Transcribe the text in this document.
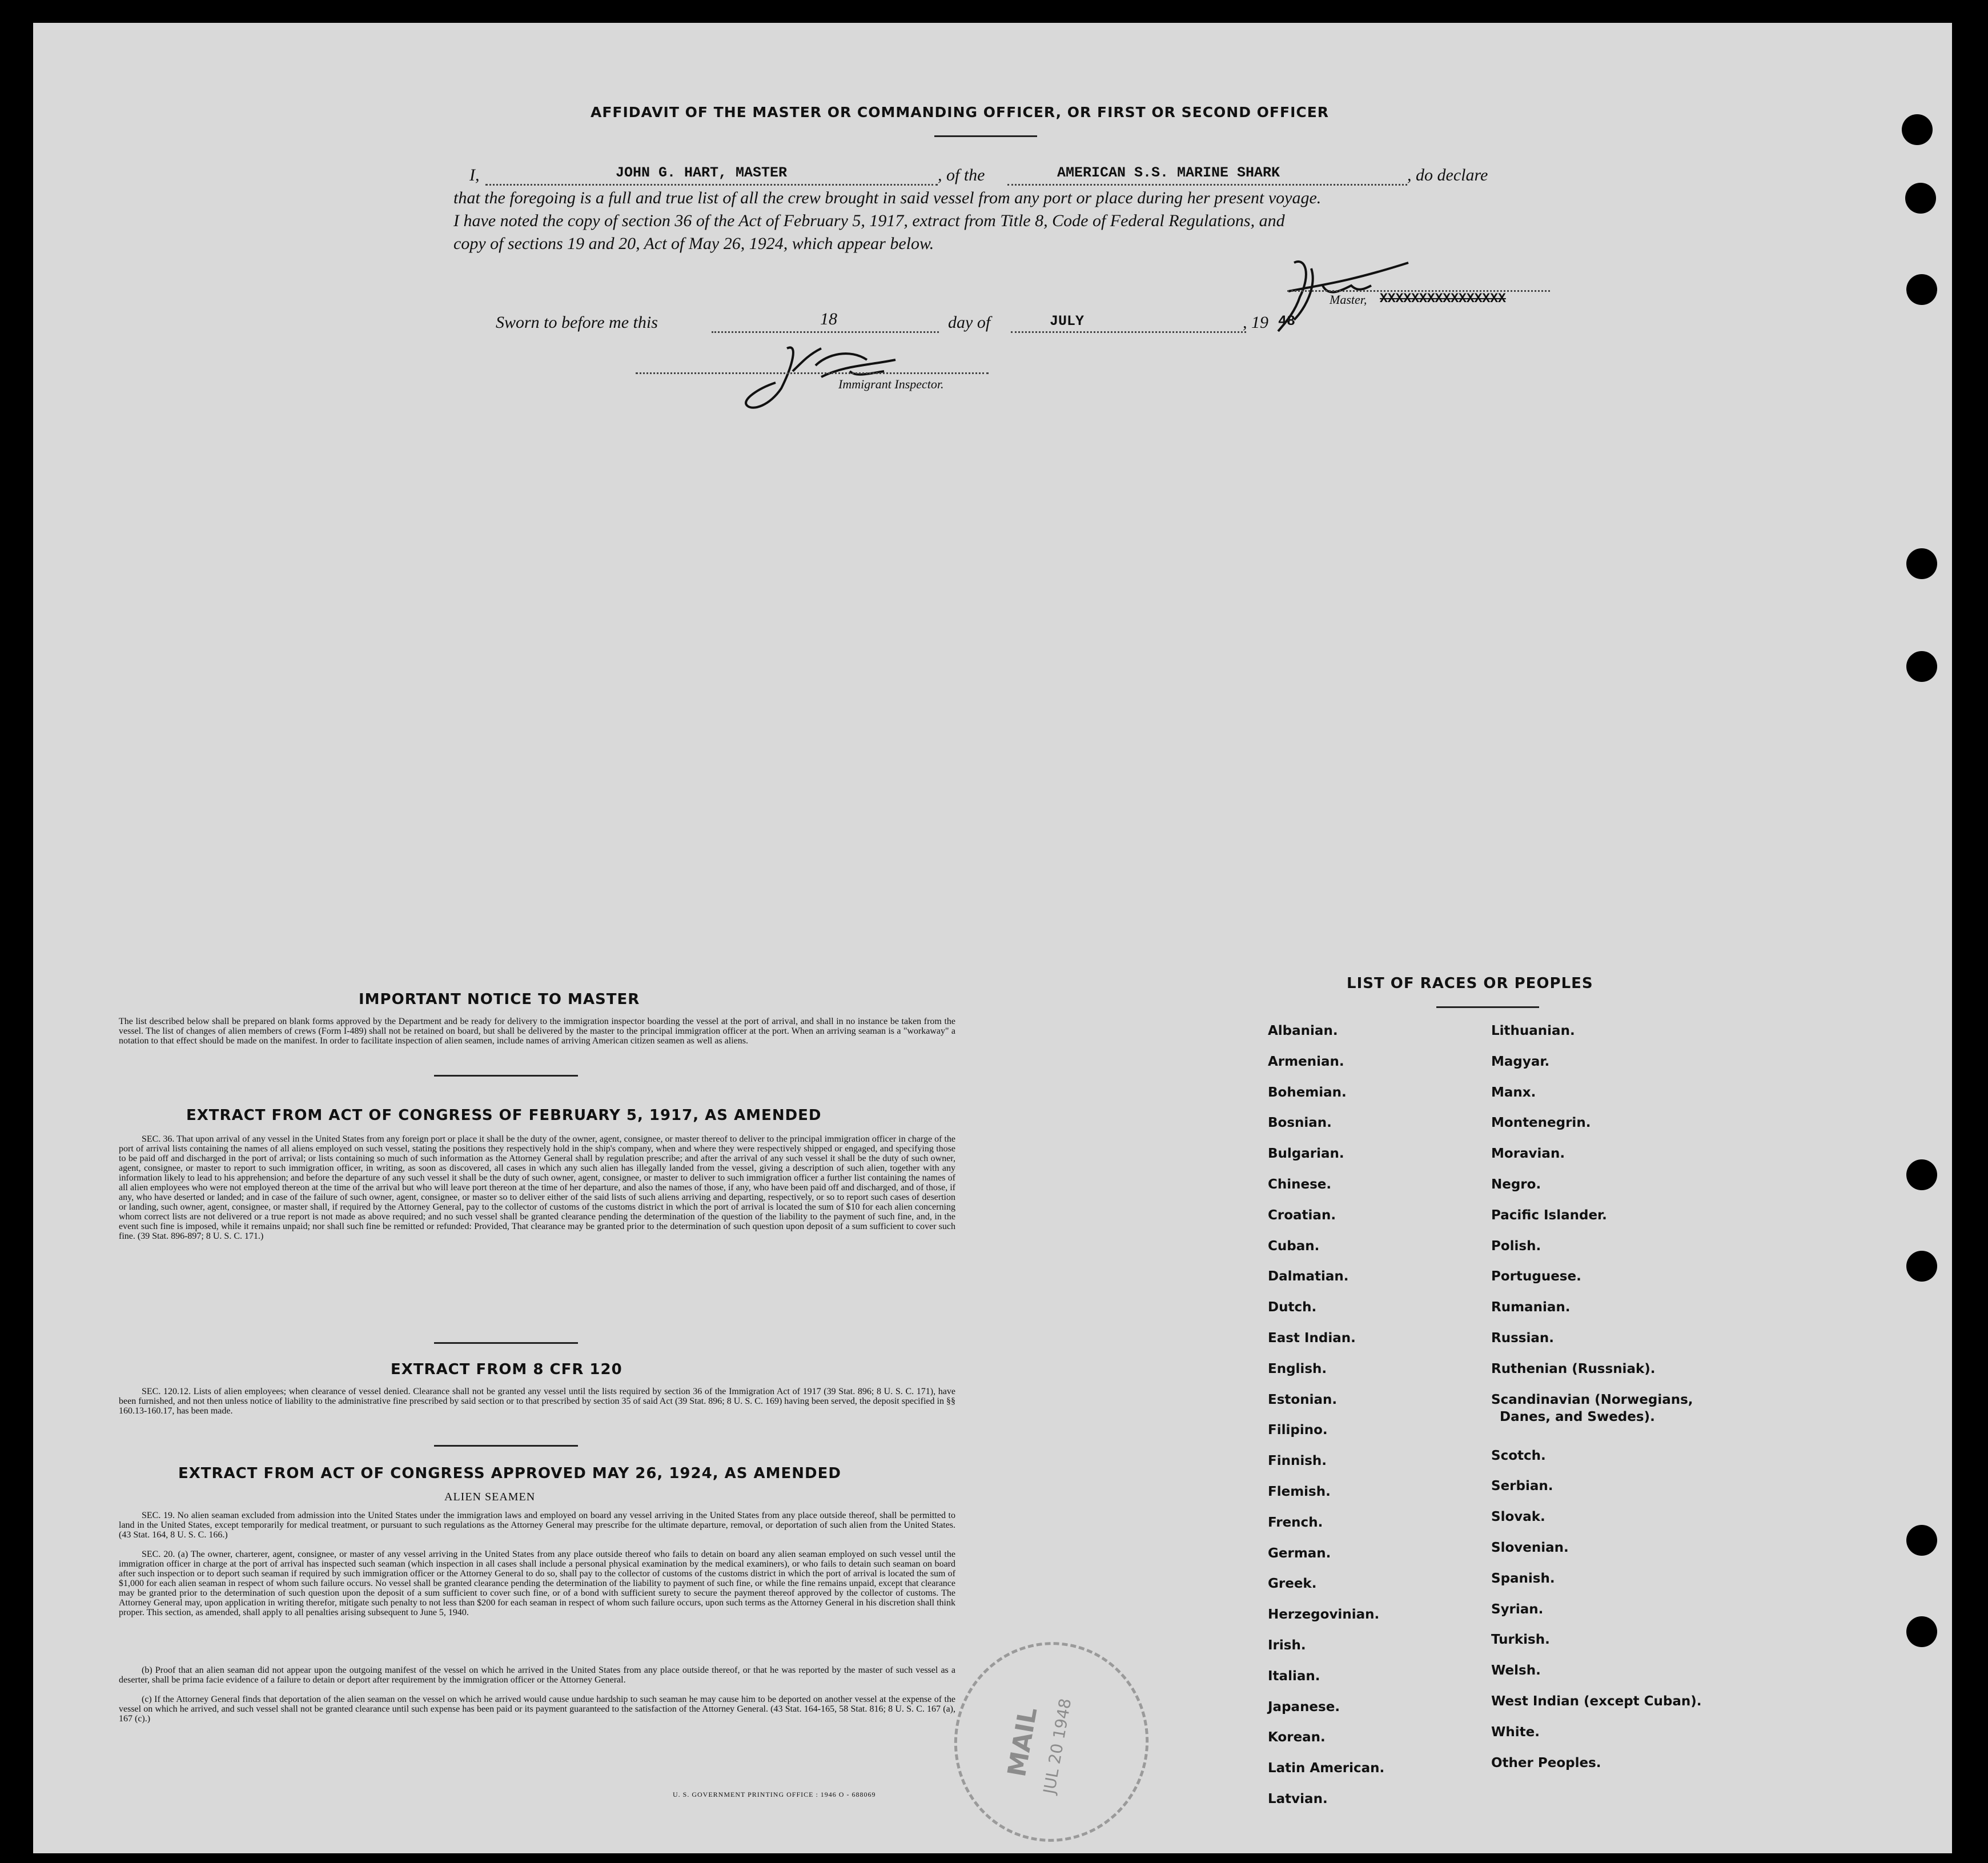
AFFIDAVIT OF THE MASTER OR COMMANDING OFFICER, OR FIRST OR SECOND OFFICER
I,	JOHN G. HART, MASTER	, of the	AMERICAN S.S. MARINE SHARK	, do declare
that the foregoing is a full and true list of all the crew brought in said vessel from any port or place during her present voyage.
I have noted the copy of section 36 of the Act of February 5, 1917, extract from Title 8, Code of Federal Regulations, and
copy of sections 19 and 20, Act of May 26, 1924, which appear below.
Master, XXXXXXXXXXXXXXXX
Sworn to before me this	18	day of	JULY	, 19 48
Immigrant Inspector.
IMPORTANT NOTICE TO MASTER
The list described below shall be prepared on blank forms approved by the Department and be ready for delivery to the immigration inspector boarding the vessel at the port of arrival, and shall in no instance be taken from the vessel. The list of changes of alien members of crews (Form I-489) shall not be retained on board, but shall be delivered by the master to the principal immigration officer at the port. When an arriving seaman is a "workaway" a notation to that effect should be made on the manifest. In order to facilitate inspection of alien seamen, include names of arriving American citizen seamen as well as aliens.
EXTRACT FROM ACT OF CONGRESS OF FEBRUARY 5, 1917, AS AMENDED
SEC. 36. That upon arrival of any vessel in the United States from any foreign port or place it shall be the duty of the owner, agent, consignee, or master thereof to deliver to the principal immigration officer in charge of the port of arrival lists containing the names of all aliens employed on such vessel, stating the positions they respectively hold in the ship's company, when and where they were respectively shipped or engaged, and specifying those to be paid off and discharged in the port of arrival; or lists containing so much of such information as the Attorney General shall by regulation prescribe; and after the arrival of any such vessel it shall be the duty of such owner, agent, consignee, or master to report to such immigration officer, in writing, as soon as discovered, all cases in which any such alien has illegally landed from the vessel, giving a description of such alien, together with any information likely to lead to his apprehension; and before the departure of any such vessel it shall be the duty of such owner, agent, consignee, or master to deliver to such immigration officer a further list containing the names of all alien employees who were not employed thereon at the time of the arrival but who will leave port thereon at the time of her departure, and also the names of those, if any, who have been paid off and discharged, and of those, if any, who have deserted or landed; and in case of the failure of such owner, agent, consignee, or master so to deliver either of the said lists of such aliens arriving and departing, respectively, or so to report such cases of desertion or landing, such owner, agent, consignee, or master shall, if required by the Attorney General, pay to the collector of customs of the customs district in which the port of arrival is located the sum of $10 for each alien concerning whom correct lists are not delivered or a true report is not made as above required; and no such vessel shall be granted clearance pending the determination of the question of the liability to the payment of such fine, and, in the event such fine is imposed, while it remains unpaid; nor shall such fine be remitted or refunded: Provided, That clearance may be granted prior to the determination of such question upon deposit of a sum sufficient to cover such fine. (39 Stat. 896-897; 8 U. S. C. 171.)
EXTRACT FROM 8 CFR 120
SEC. 120.12. Lists of alien employees; when clearance of vessel denied. Clearance shall not be granted any vessel until the lists required by section 36 of the Immigration Act of 1917 (39 Stat. 896; 8 U. S. C. 171), have been furnished, and not then unless notice of liability to the administrative fine prescribed by said section or to that prescribed by section 35 of said Act (39 Stat. 896; 8 U. S. C. 169) having been served, the deposit specified in §§ 160.13-160.17, has been made.
EXTRACT FROM ACT OF CONGRESS APPROVED MAY 26, 1924, AS AMENDED
ALIEN SEAMEN
SEC. 19. No alien seaman excluded from admission into the United States under the immigration laws and employed on board any vessel arriving in the United States from any place outside thereof, shall be permitted to land in the United States, except temporarily for medical treatment, or pursuant to such regulations as the Attorney General may prescribe for the ultimate departure, removal, or deportation of such alien from the United States. (43 Stat. 164, 8 U. S. C. 166.)
SEC. 20. (a) The owner, charterer, agent, consignee, or master of any vessel arriving in the United States from any place outside thereof who fails to detain on board any alien seaman employed on such vessel until the immigration officer in charge at the port of arrival has inspected such seaman (which inspection in all cases shall include a personal physical examination by the medical examiners), or who fails to detain such seaman on board after such inspection or to deport such seaman if required by such immigration officer or the Attorney General to do so, shall pay to the collector of customs of the customs district in which the port of arrival is located the sum of $1,000 for each alien seaman in respect of whom such failure occurs. No vessel shall be granted clearance pending the determination of the liability to payment of such fine, or while the fine remains unpaid, except that clearance may be granted prior to the determination of such question upon the deposit of a sum sufficient to cover such fine, or of a bond with sufficient surety to secure the payment thereof approved by the collector of customs. The Attorney General may, upon application in writing therefor, mitigate such penalty to not less than $200 for each seaman in respect of whom such failure occurs, upon such terms as the Attorney General in his discretion shall think proper. This section, as amended, shall apply to all penalties arising subsequent to June 5, 1940.
(b) Proof that an alien seaman did not appear upon the outgoing manifest of the vessel on which he arrived in the United States from any place outside thereof, or that he was reported by the master of such vessel as a deserter, shall be prima facie evidence of a failure to detain or deport after requirement by the immigration officer or the Attorney General.
(c) If the Attorney General finds that deportation of the alien seaman on the vessel on which he arrived would cause undue hardship to such seaman he may cause him to be deported on another vessel at the expense of the vessel on which he arrived, and such vessel shall not be granted clearance until such expense has been paid or its payment guaranteed to the satisfaction of the Attorney General. (43 Stat. 164-165, 58 Stat. 816; 8 U. S. C. 167 (a), 167 (c).)
U. S. GOVERNMENT PRINTING OFFICE : 1946 O - 688069
MAIL
JUL 20 1948
LIST OF RACES OR PEOPLES
Albanian.
Armenian.
Bohemian.
Bosnian.
Bulgarian.
Chinese.
Croatian.
Cuban.
Dalmatian.
Dutch.
East Indian.
English.
Estonian.
Filipino.
Finnish.
Flemish.
French.
German.
Greek.
Herzegovinian.
Irish.
Italian.
Japanese.
Korean.
Latin American.
Latvian.
Lithuanian.
Magyar.
Manx.
Montenegrin.
Moravian.
Negro.
Pacific Islander.
Polish.
Portuguese.
Rumanian.
Russian.
Ruthenian (Russniak).
Scandinavian (Norwegians,
Danes, and Swedes).
Scotch.
Serbian.
Slovak.
Slovenian.
Spanish.
Syrian.
Turkish.
Welsh.
West Indian (except Cuban).
White.
Other Peoples.
